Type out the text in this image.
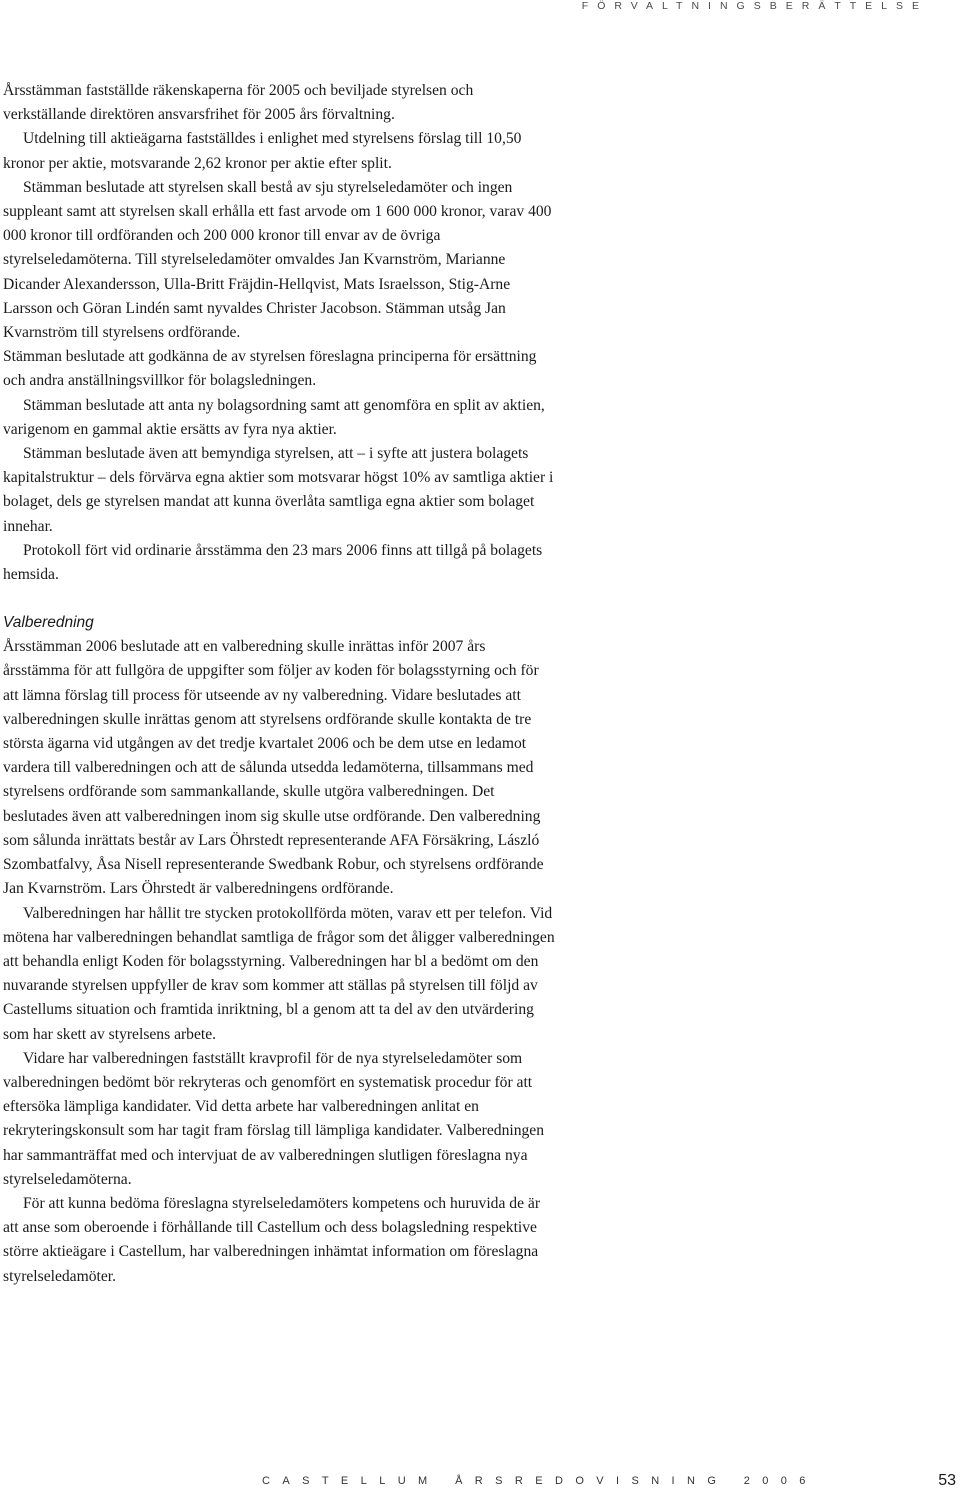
FÖRVALTNINGSBERÄTTELSE

Årsstämman fastställde räkenskaperna för 2005 och beviljade styrelsen och verkställande direktören ansvarsfrihet för 2005 års förvaltning.

Utdelning till aktieägarna fastställdes i enlighet med styrelsens förslag till 10,50 kronor per aktie, motsvarande 2,62 kronor per aktie efter split.

Stämman beslutade att styrelsen skall bestå av sju styrelseledamöter och ingen suppleant samt att styrelsen skall erhålla ett fast arvode om 1 600 000 kronor, varav 400 000 kronor till ordföranden och 200 000 kronor till envar av de övriga styrelseledamöterna. Till styrelseledamöter omvaldes Jan Kvarnström, Marianne Dicander Alexandersson, Ulla-Britt Fräjdin-Hellqvist, Mats Israelsson, Stig-Arne Larsson och Göran Lindén samt nyvaldes Christer Jacobson. Stämman utsåg Jan Kvarnström till styrelsens ordförande.

Stämman beslutade att godkänna de av styrelsen föreslagna principerna för ersättning och andra anställningsvillkor för bolagsledningen.

Stämman beslutade att anta ny bolagsordning samt att genomföra en split av aktien, varigenom en gammal aktie ersätts av fyra nya aktier.

Stämman beslutade även att bemyndiga styrelsen, att – i syfte att justera bolagets kapitalstruktur – dels förvärva egna aktier som motsvarar högst 10% av samtliga aktier i bolaget, dels ge styrelsen mandat att kunna överlåta samtliga egna aktier som bolaget innehar.

Protokoll fört vid ordinarie årsstämma den 23 mars 2006 finns att tillgå på bolagets hemsida.

Valberedning

Årsstämman 2006 beslutade att en valberedning skulle inrättas inför 2007 års årsstämma för att fullgöra de uppgifter som följer av koden för bolagsstyrning och för att lämna förslag till process för utseende av ny valberedning. Vidare beslutades att valberedningen skulle inrättas genom att styrelsens ordförande skulle kontakta de tre största ägarna vid utgången av det tredje kvartalet 2006 och be dem utse en ledamot vardera till valberedningen och att de sålunda utsedda ledamöterna, tillsammans med styrelsens ordförande som sammankallande, skulle utgöra valberedningen. Det beslutades även att valberedningen inom sig skulle utse ordförande. Den valberedning som sålunda inrättats består av Lars Öhrstedt representerande AFA Försäkring, László Szombatfalvy, Åsa Nisell representerande Swedbank Robur, och styrelsens ordförande Jan Kvarnström. Lars Öhrstedt är valberedningens ordförande.

Valberedningen har hållit tre stycken protokollförda möten, varav ett per telefon. Vid mötena har valberedningen behandlat samtliga de frågor som det åligger valberedningen att behandla enligt Koden för bolagsstyrning. Valberedningen har bl a bedömt om den nuvarande styrelsen uppfyller de krav som kommer att ställas på styrelsen till följd av Castellums situation och framtida inriktning, bl a genom att ta del av den utvärdering som har skett av styrelsens arbete.

Vidare har valberedningen fastställt kravprofil för de nya styrelseledamöter som valberedningen bedömt bör rekryteras och genomfört en systematisk procedur för att eftersöka lämpliga kandidater. Vid detta arbete har valberedningen anlitat en rekryteringskonsult som har tagit fram förslag till lämpliga kandidater. Valberedningen har sammanträffat med och intervjuat de av valberedningen slutligen föreslagna nya styrelseledamöterna.

För att kunna bedöma föreslagna styrelseledamöters kompetens och huruvida de är att anse som oberoende i förhållande till Castellum och dess bolagsledning respektive större aktieägare i Castellum, har valberedningen inhämtat information om föreslagna styrelseledamöter.

CASTELLUM ÅRSREDOVISNING 2006	53
